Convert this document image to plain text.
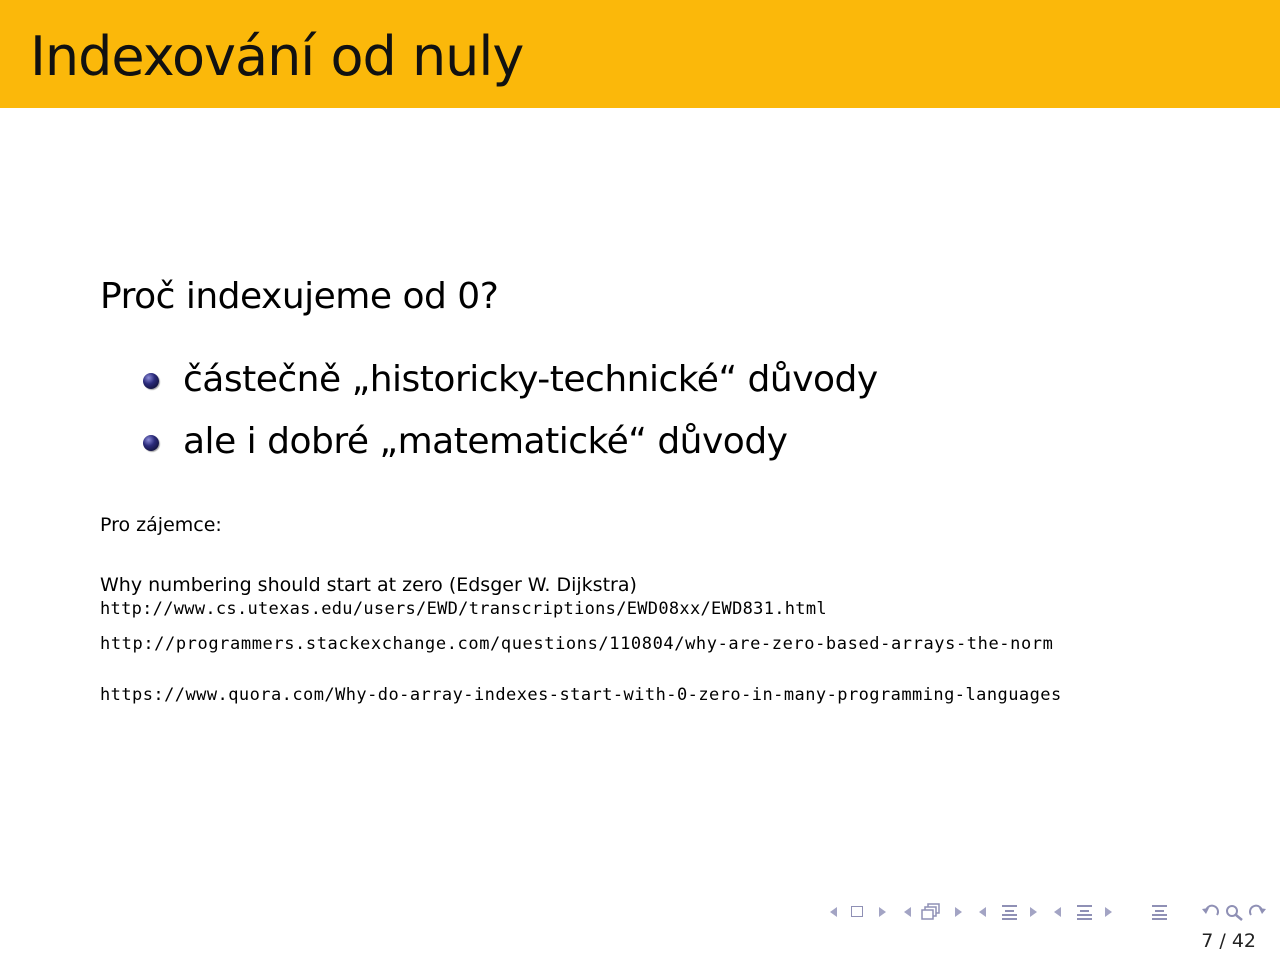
Indexování od nuly
Proč indexujeme od 0?
částečně „historicky-technické“ důvody
ale i dobré „matematické“ důvody
Pro zájemce:
Why numbering should start at zero (Edsger W. Dijkstra)
http://www.cs.utexas.edu/users/EWD/transcriptions/EWD08xx/EWD831.html
http://programmers.stackexchange.com/questions/110804/why-are-zero-based-arrays-the-norm
https://www.quora.com/Why-do-array-indexes-start-with-0-zero-in-many-programming-languages
7 / 42
